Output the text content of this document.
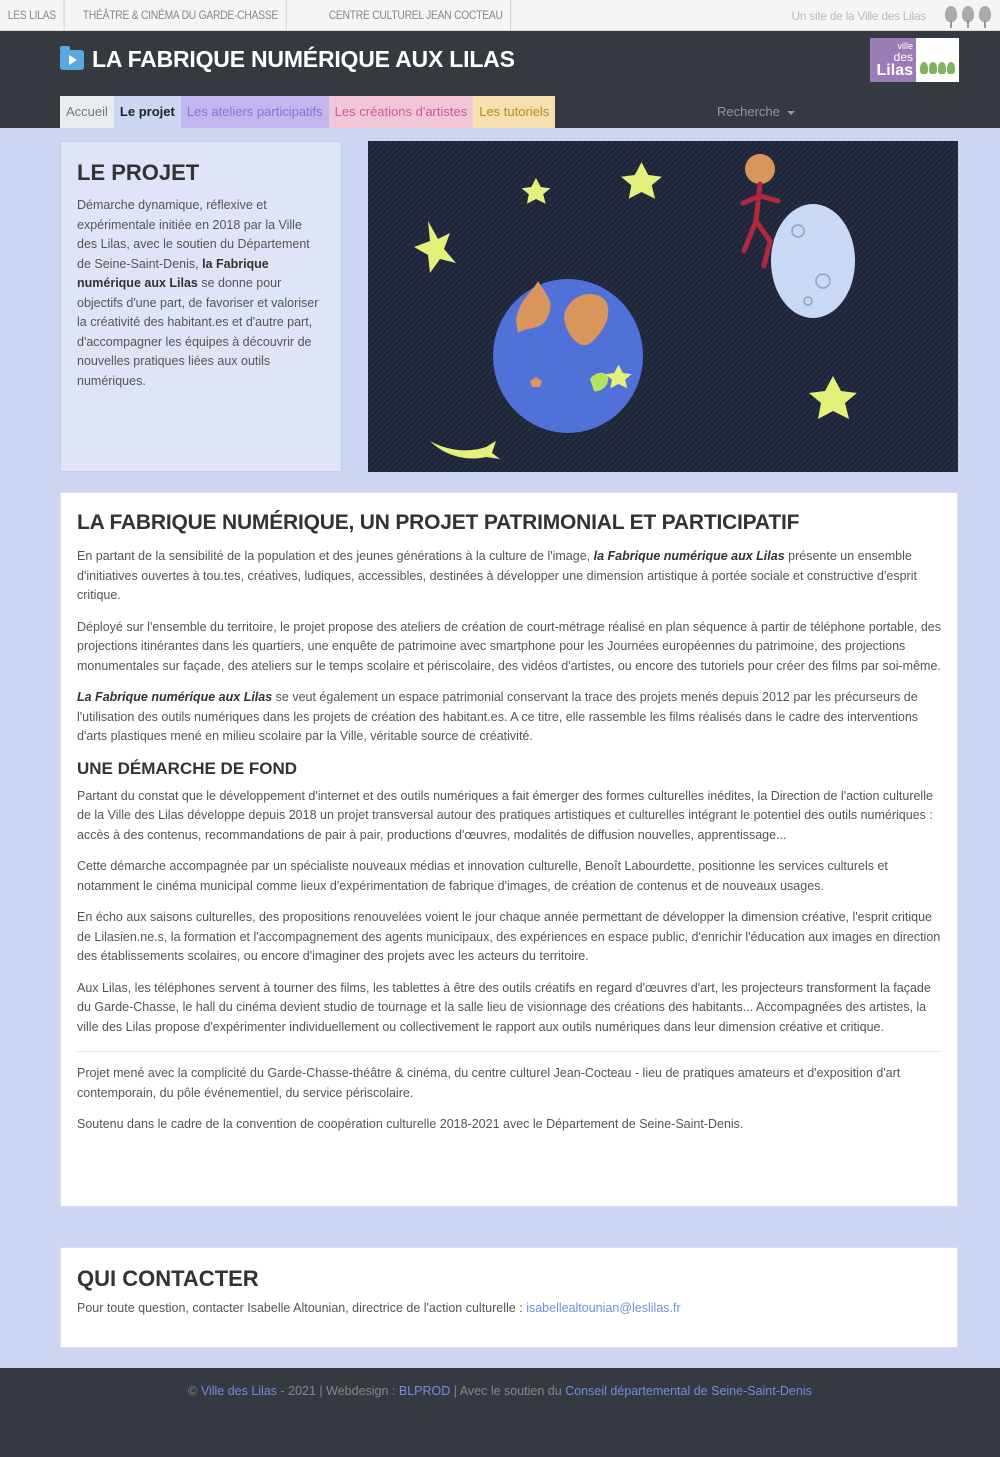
LES LILAS	THÉÂTRE & CINÉMA DU GARDE-CHASSE	CENTRE CULTUREL JEAN COCTEAU	Un site de la Ville des Lilas
LA FABRIQUE NUMÉRIQUE AUX LILAS	ville
des
Lilas
Accueil Le projet Les ateliers participatifs Les créations d'artistes Les tutoriels	Recherche
LE PROJET

Démarche dynamique, réflexive et expérimentale initiée en 2018 par la Ville des Lilas, avec le soutien du Département de Seine-Saint-Denis, la Fabrique numérique aux Lilas se donne pour objectifs d'une part, de favoriser et valoriser la créativité des habitant.es et d'autre part, d'accompagner les équipes à découvrir de nouvelles pratiques liées aux outils numériques.

LA FABRIQUE NUMÉRIQUE, UN PROJET PATRIMONIAL ET PARTICIPATIF

En partant de la sensibilité de la population et des jeunes générations à la culture de l'image, la Fabrique numérique aux Lilas présente un ensemble d'initiatives ouvertes à tou.tes, créatives, ludiques, accessibles, destinées à développer une dimension artistique à portée sociale et constructive d'esprit critique.

Déployé sur l'ensemble du territoire, le projet propose des ateliers de création de court-métrage réalisé en plan séquence à partir de téléphone portable, des projections itinérantes dans les quartiers, une enquête de patrimoine avec smartphone pour les Journées européennes du patrimoine, des projections monumentales sur façade, des ateliers sur le temps scolaire et périscolaire, des vidéos d'artistes, ou encore des tutoriels pour créer des films par soi-même.

La Fabrique numérique aux Lilas se veut également un espace patrimonial conservant la trace des projets menés depuis 2012 par les précurseurs de l'utilisation des outils numériques dans les projets de création des habitant.es. A ce titre, elle rassemble les films réalisés dans le cadre des interventions d'arts plastiques mené en milieu scolaire par la Ville, véritable source de créativité.

UNE DÉMARCHE DE FOND

Partant du constat que le développement d'internet et des outils numériques a fait émerger des formes culturelles inédites, la Direction de l'action culturelle de la Ville des Lilas développe depuis 2018 un projet transversal autour des pratiques artistiques et culturelles intégrant le potentiel des outils numériques : accès à des contenus, recommandations de pair à pair, productions d'œuvres, modalités de diffusion nouvelles, apprentissage...

Cette démarche accompagnée par un spécialiste nouveaux médias et innovation culturelle, Benoît Labourdette, positionne les services culturels et notamment le cinéma municipal comme lieux d'expérimentation de fabrique d'images, de création de contenus et de nouveaux usages.

En écho aux saisons culturelles, des propositions renouvelées voient le jour chaque année permettant de développer la dimension créative, l'esprit critique de Lilasien.ne.s, la formation et l'accompagnement des agents municipaux, des expériences en espace public, d'enrichir l'éducation aux images en direction des établissements scolaires, ou encore d'imaginer des projets avec les acteurs du territoire.

Aux Lilas, les téléphones servent à tourner des films, les tablettes à être des outils créatifs en regard d'œuvres d'art, les projecteurs transforment la façade du Garde-Chasse, le hall du cinéma devient studio de tournage et la salle lieu de visionnage des créations des habitants... Accompagnées des artistes, la ville des Lilas propose d'expérimenter individuellement ou collectivement le rapport aux outils numériques dans leur dimension créative et critique.

Projet mené avec la complicité du Garde-Chasse-théâtre & cinéma, du centre culturel Jean-Cocteau - lieu de pratiques amateurs et d'exposition d'art contemporain, du pôle événementiel, du service périscolaire.

Soutenu dans le cadre de la convention de coopération culturelle 2018-2021 avec le Département de Seine-Saint-Denis.

QUI CONTACTER

Pour toute question, contacter Isabelle Altounian, directrice de l'action culturelle : isabellealtounian@leslilas.fr

© Ville des Lilas - 2021 | Webdesign : BLPROD | Avec le soutien du Conseil départemental de Seine-Saint-Denis
